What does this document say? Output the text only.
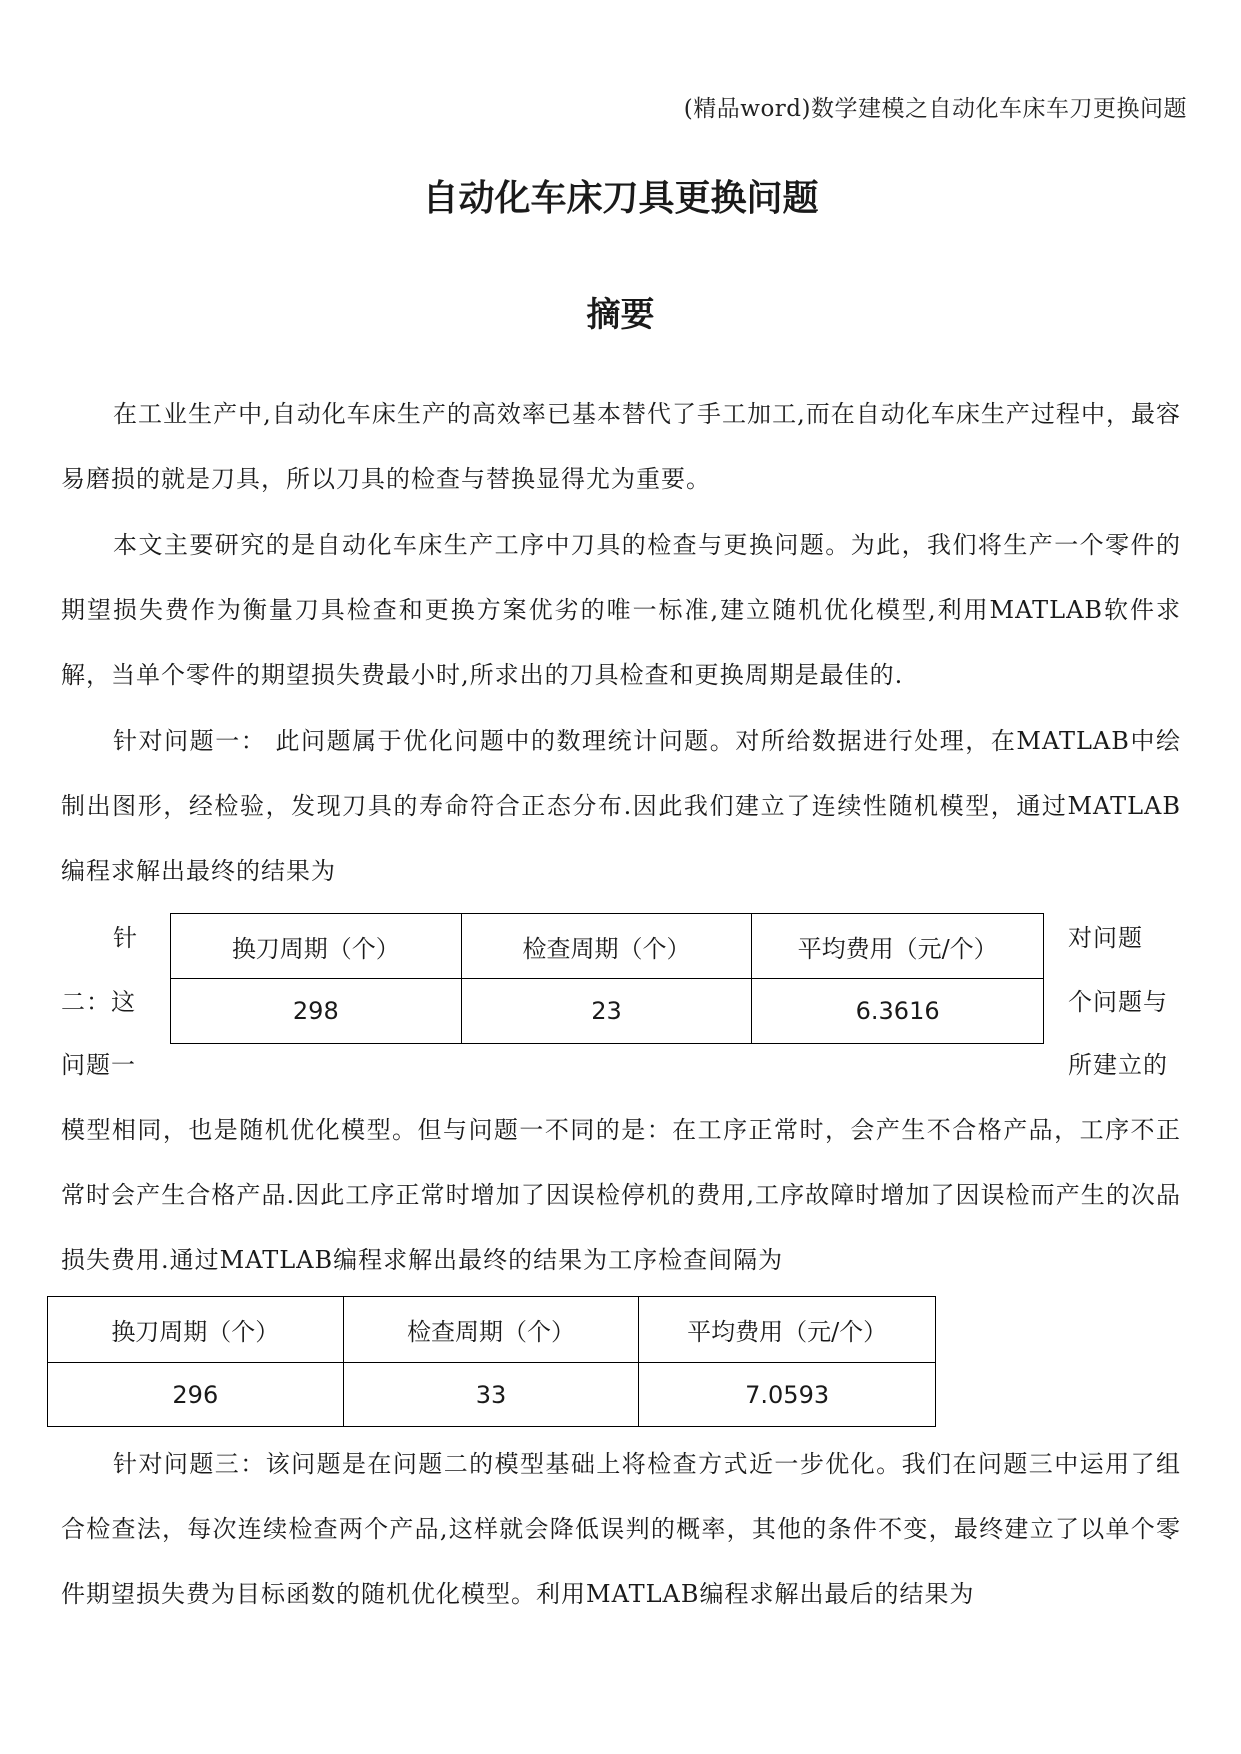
(精品word)数学建模之自动化车床车刀更换问题
自动化车床刀具更换问题
摘要

在工业生产中,自动化车床生产的高效率已基本替代了手工加工,而在自动化车床生产过程中，最容易磨损的就是刀具，所以刀具的检查与替换显得尤为重要。

本文主要研究的是自动化车床生产工序中刀具的检查与更换问题。为此，我们将生产一个零件的期望损失费作为衡量刀具检查和更换方案优劣的唯一标准,建立随机优化模型,利用MATLAB软件求解，当单个零件的期望损失费最小时,所求出的刀具检查和更换周期是最佳的.

针对问题一： 此问题属于优化问题中的数理统计问题。对所给数据进行处理，在MATLAB中绘制出图形，经检验，发现刀具的寿命符合正态分布.因此我们建立了连续性随机模型，通过MATLAB编程求解出最终的结果为

针
二：这
问题一
对问题
个问题与
所建立的
换刀周期（个）	检查周期（个）	平均费用（元/个）
298	23	6.3616

模型相同，也是随机优化模型。但与问题一不同的是：在工序正常时，会产生不合格产品，工序不正常时会产生合格产品.因此工序正常时增加了因误检停机的费用,工序故障时增加了因误检而产生的次品损失费用.通过MATLAB编程求解出最终的结果为工序检查间隔为

换刀周期（个）	检查周期（个）	平均费用（元/个）
296	33	7.0593

针对问题三：该问题是在问题二的模型基础上将检查方式近一步优化。我们在问题三中运用了组合检查法，每次连续检查两个产品,这样就会降低误判的概率，其他的条件不变，最终建立了以单个零件期望损失费为目标函数的随机优化模型。利用MATLAB编程求解出最后的结果为
